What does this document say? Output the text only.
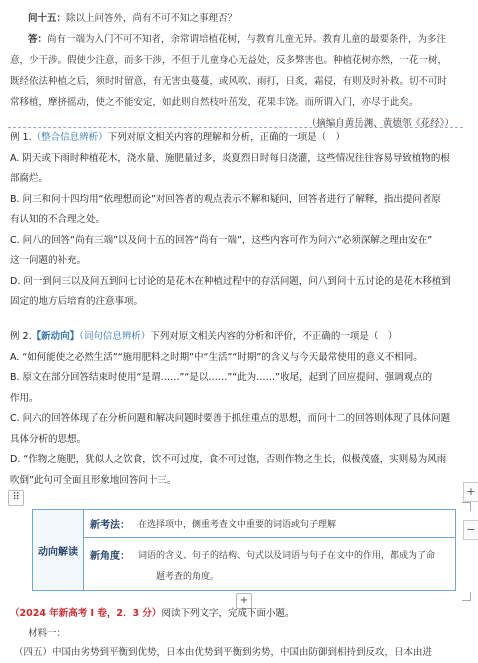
问十五：除以上问答外，尚有不可不知之事理否？
答：尚有一端为入门不可不知者，余常谓培植花树，与教育儿童无异。教育儿童的最要条件，为多注
意，少干涉。假使少注意，而多干涉，不但于儿童身心无益处，反多弊害也。种植花树亦然，一花一树，
既经依法种植之后，须时时留意，有无害虫蔓蔓，或风吹、雨打，日炙，霜侵，有则及时补救。切不可时
常移植，摩挤摇动，使之不能安定，如此则自然枝叶茁发，花果丰饶。而所谓入门，亦尽于此矣。
（摘编自黄岳渊、黄德邻《花经》）
例 1.（整合信息辨析）下列对原文相关内容的理解和分析，正确的一项是（　）
A. 阴天或下雨时种植花木，浇水量、施肥量过多，炎夏烈日时每日浇灌，这些情况往往容易导致植物的根
部腐烂。
B. 问三和问十四均用“依理想而论”对回答者的观点表示不解和疑问，回答者进行了解释，指出提问者原
有认知的不合理之处。
C. 问八的回答“尚有三端”以及问十五的回答“尚有一端”，这些内容可作为问六“必须深解之理由安在”
这一问题的补充。
D. 问一到问三以及问五到问七讨论的是花木在种植过程中的存活问题，问八到问十五讨论的是花木移植到
固定的地方后培育的注意事项。
例 2.【新动向】（词句信息辨析）下列对原文相关内容的分析和评价，不正确的一项是（　）
A. “如何能使之必然生活”“施用肥料之时期”中“生活”“时期”的含义与今天最常使用的意义不相同。
B. 原文在部分回答结束时使用“是谓……”“是以……”“此为……”收尾，起到了回应提问、强调观点的
作用。
C. 问六的回答体现了在分析问题和解决问题时要善于抓住重点的思想，而问十二的回答则体现了具体问题
具体分析的思想。
D. “作物之施肥，犹似人之饮食，饮不可过度，食不可过饱，否则作物之生长，似极茂盛，实则易为风雨
吹倒”此句可全面且形象地回答问十三。
⠿
动向解读
新考法： 在选择项中，侧重考查文中重要的词语或句子理解
新角度： 词语的含义、句子的结构、句式以及词语与句子在文中的作用，都成为了命
题考查的角度。
+
+
−
（2024 年新高考 I 卷，2．3 分）阅读下列文字，完成下面小题。
材料一：
（四五）中国由劣势到平衡到优势，日本由优势到平衡到劣势，中国由防御到相持到反攻，日本由进
